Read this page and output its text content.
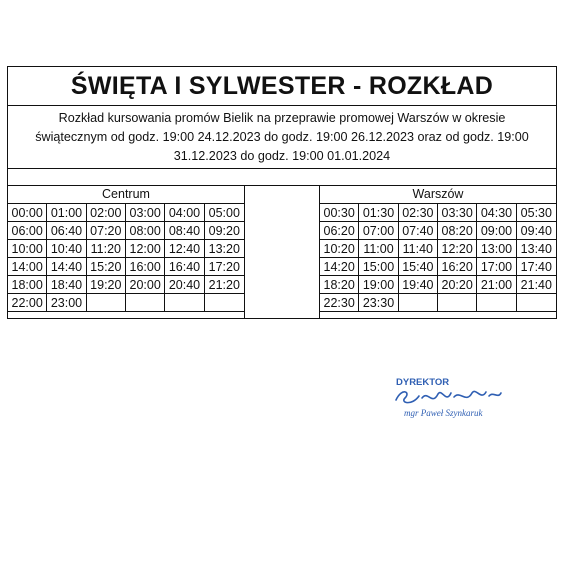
ŚWIĘTA I SYLWESTER - ROZKŁAD
Rozkład kursowania promów Bielik na przeprawie promowej Warszów w okresie
świątecznym od godz. 19:00 24.12.2023 do godz. 19:00 26.12.2023 oraz od godz. 19:00
31.12.2023 do godz. 19:00 01.01.2024
Centrum
00:00 01:00 02:00 03:00 04:00 05:00
06:00 06:40 07:20 08:00 08:40 09:20
10:00 10:40 11:20 12:00 12:40 13:20
14:00 14:40 15:20 16:00 16:40 17:20
18:00 18:40 19:20 20:00 20:40 21:20
22:00 23:00
Warszów
00:30 01:30 02:30 03:30 04:30 05:30
06:20 07:00 07:40 08:20 09:00 09:40
10:20 11:00 11:40 12:20 13:00 13:40
14:20 15:00 15:40 16:20 17:00 17:40
18:20 19:00 19:40 20:20 21:00 21:40
22:30 23:30
DYREKTOR
mgr Paweł Szynkaruk
